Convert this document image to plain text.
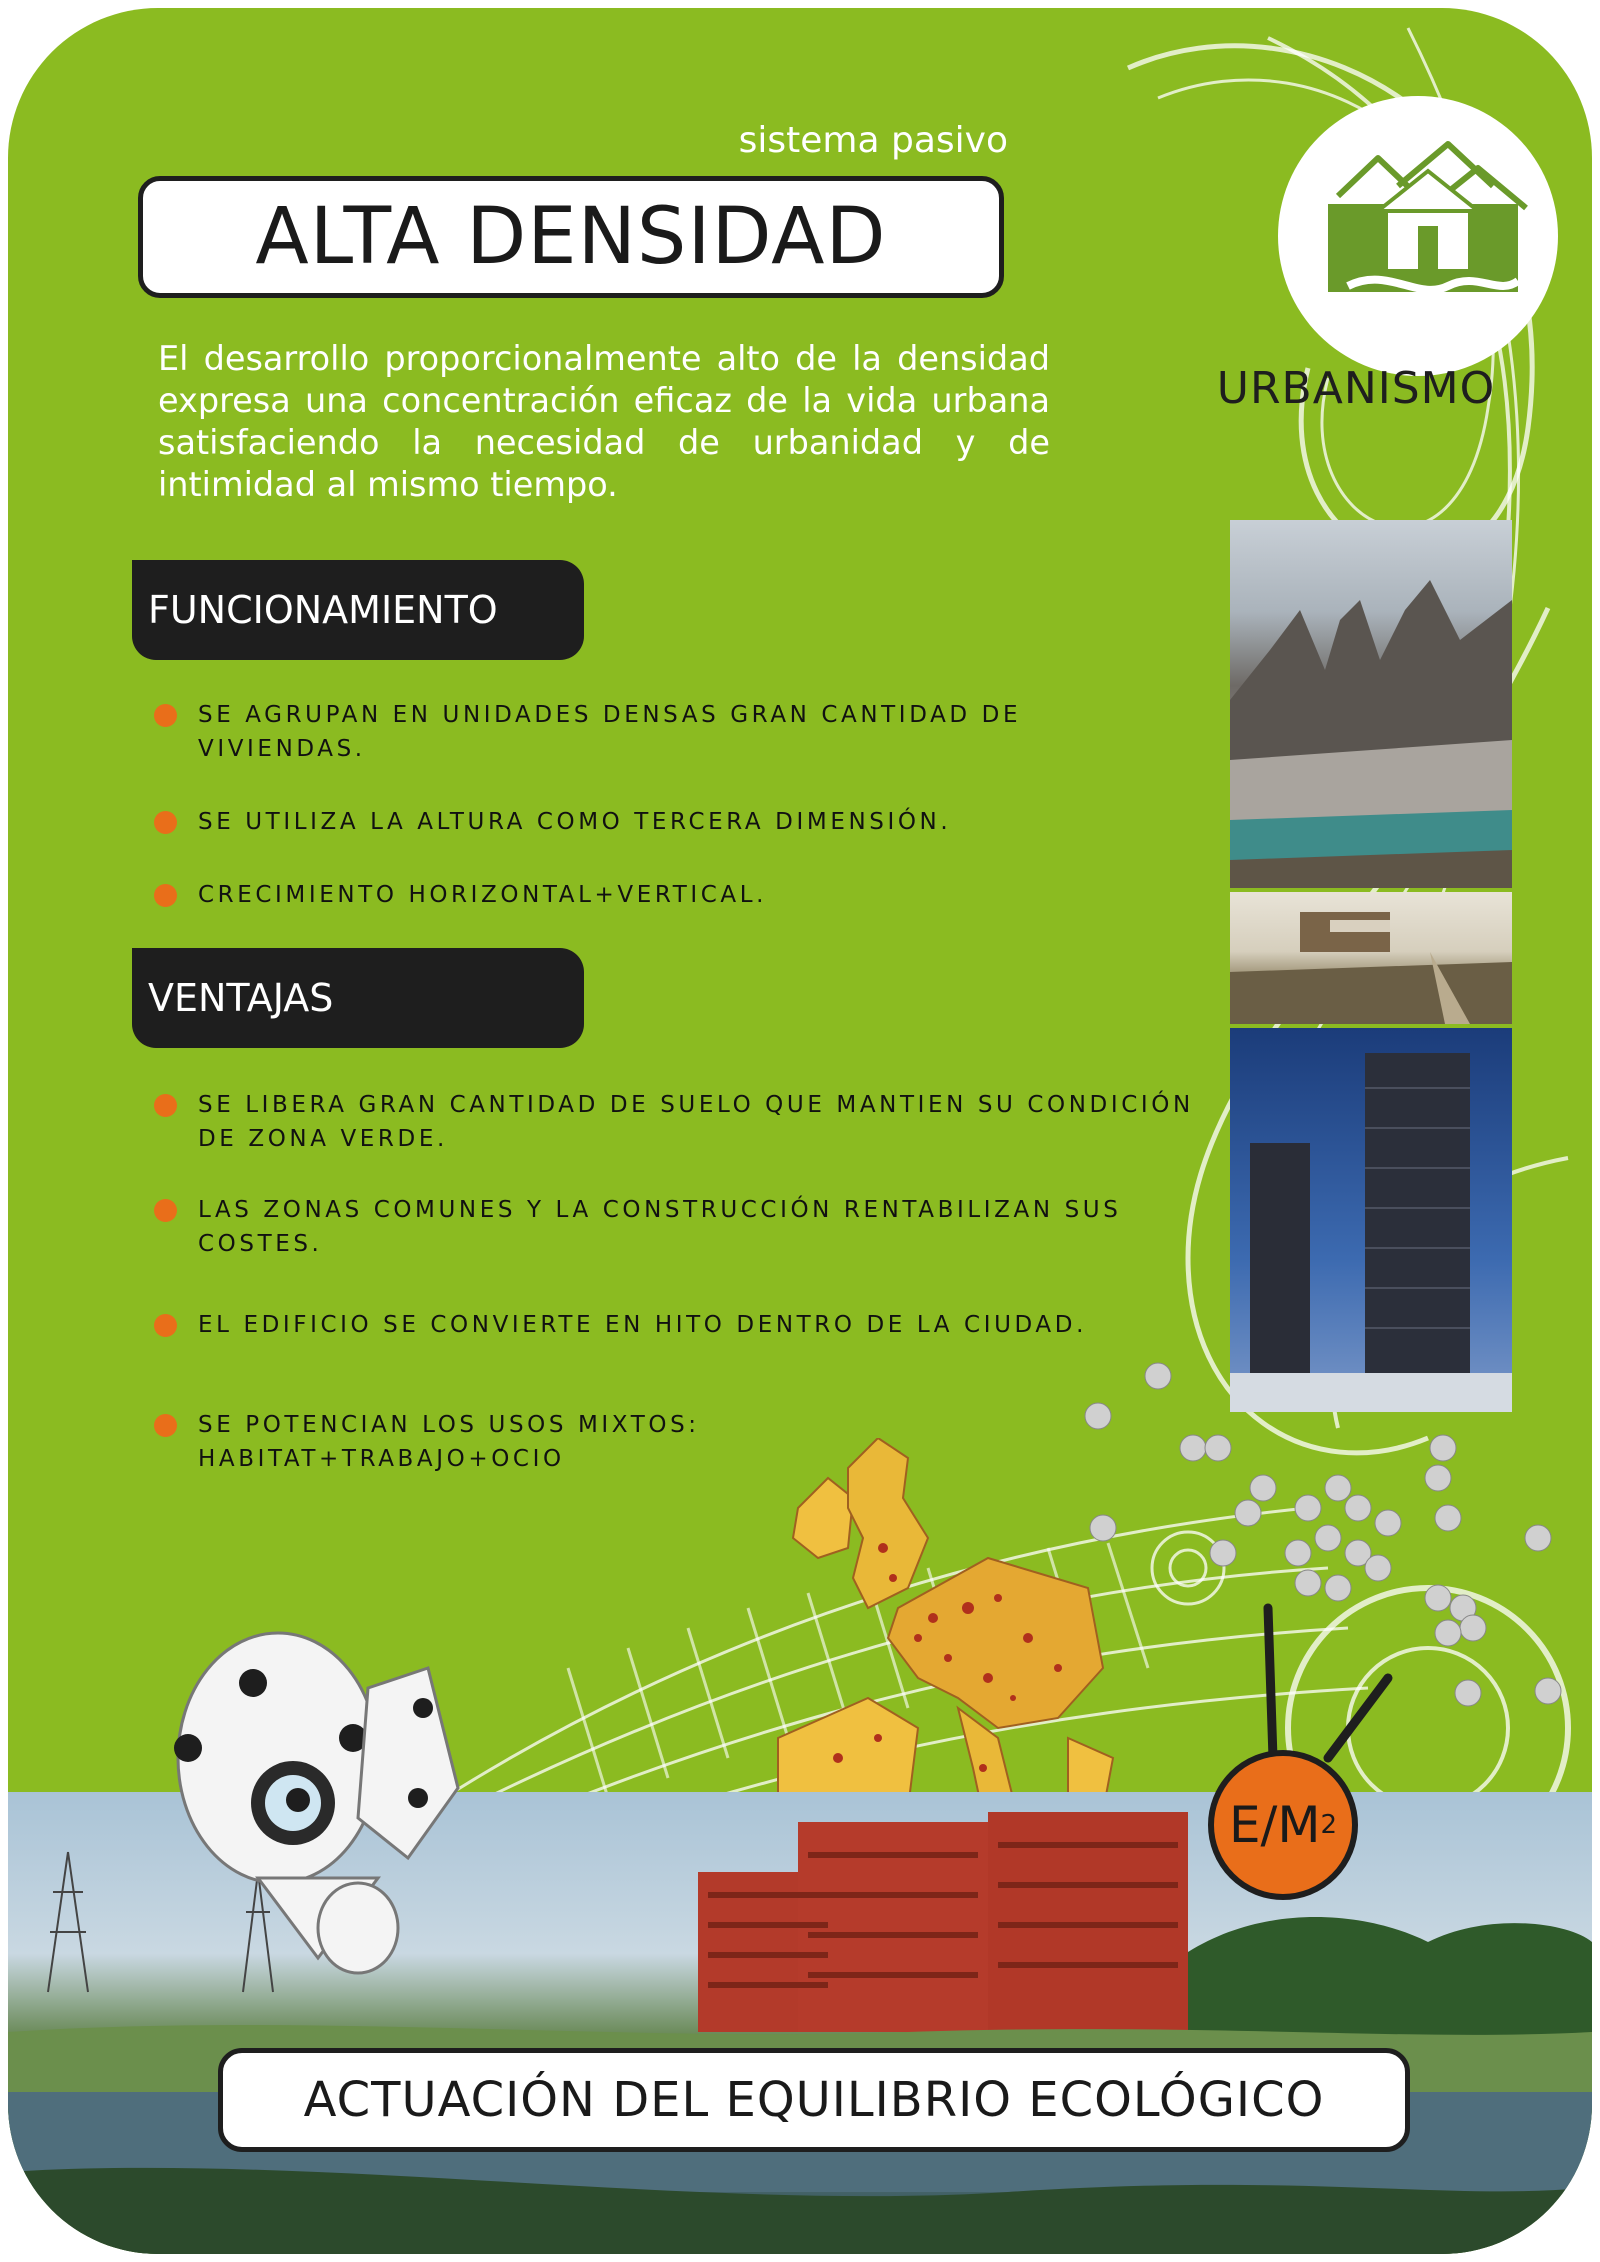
sistema pasivo
ALTA DENSIDAD
El desarrollo proporcionalmente alto de la densidad expresa una concentración eficaz de la vida urbana satisfaciendo la necesidad de urbanidad y de intimidad al mismo tiempo.
URBANISMO
FUNCIONAMIENTO
SE AGRUPAN EN UNIDADES DENSAS GRAN CANTIDAD DE VIVIENDAS.
SE UTILIZA LA ALTURA COMO TERCERA DIMENSIÓN.
CRECIMIENTO HORIZONTAL+VERTICAL.
VENTAJAS
SE LIBERA GRAN CANTIDAD DE SUELO QUE MANTIEN SU CONDICIÓN DE ZONA VERDE.
LAS ZONAS COMUNES Y LA CONSTRUCCIÓN RENTABILIZAN SUS COSTES.
EL EDIFICIO SE CONVIERTE EN HITO DENTRO DE LA CIUDAD.
SE POTENCIAN LOS USOS MIXTOS: HABITAT+TRABAJO+OCIO
E/M 2
ACTUACIÓN DEL EQUILIBRIO ECOLÓGICO
